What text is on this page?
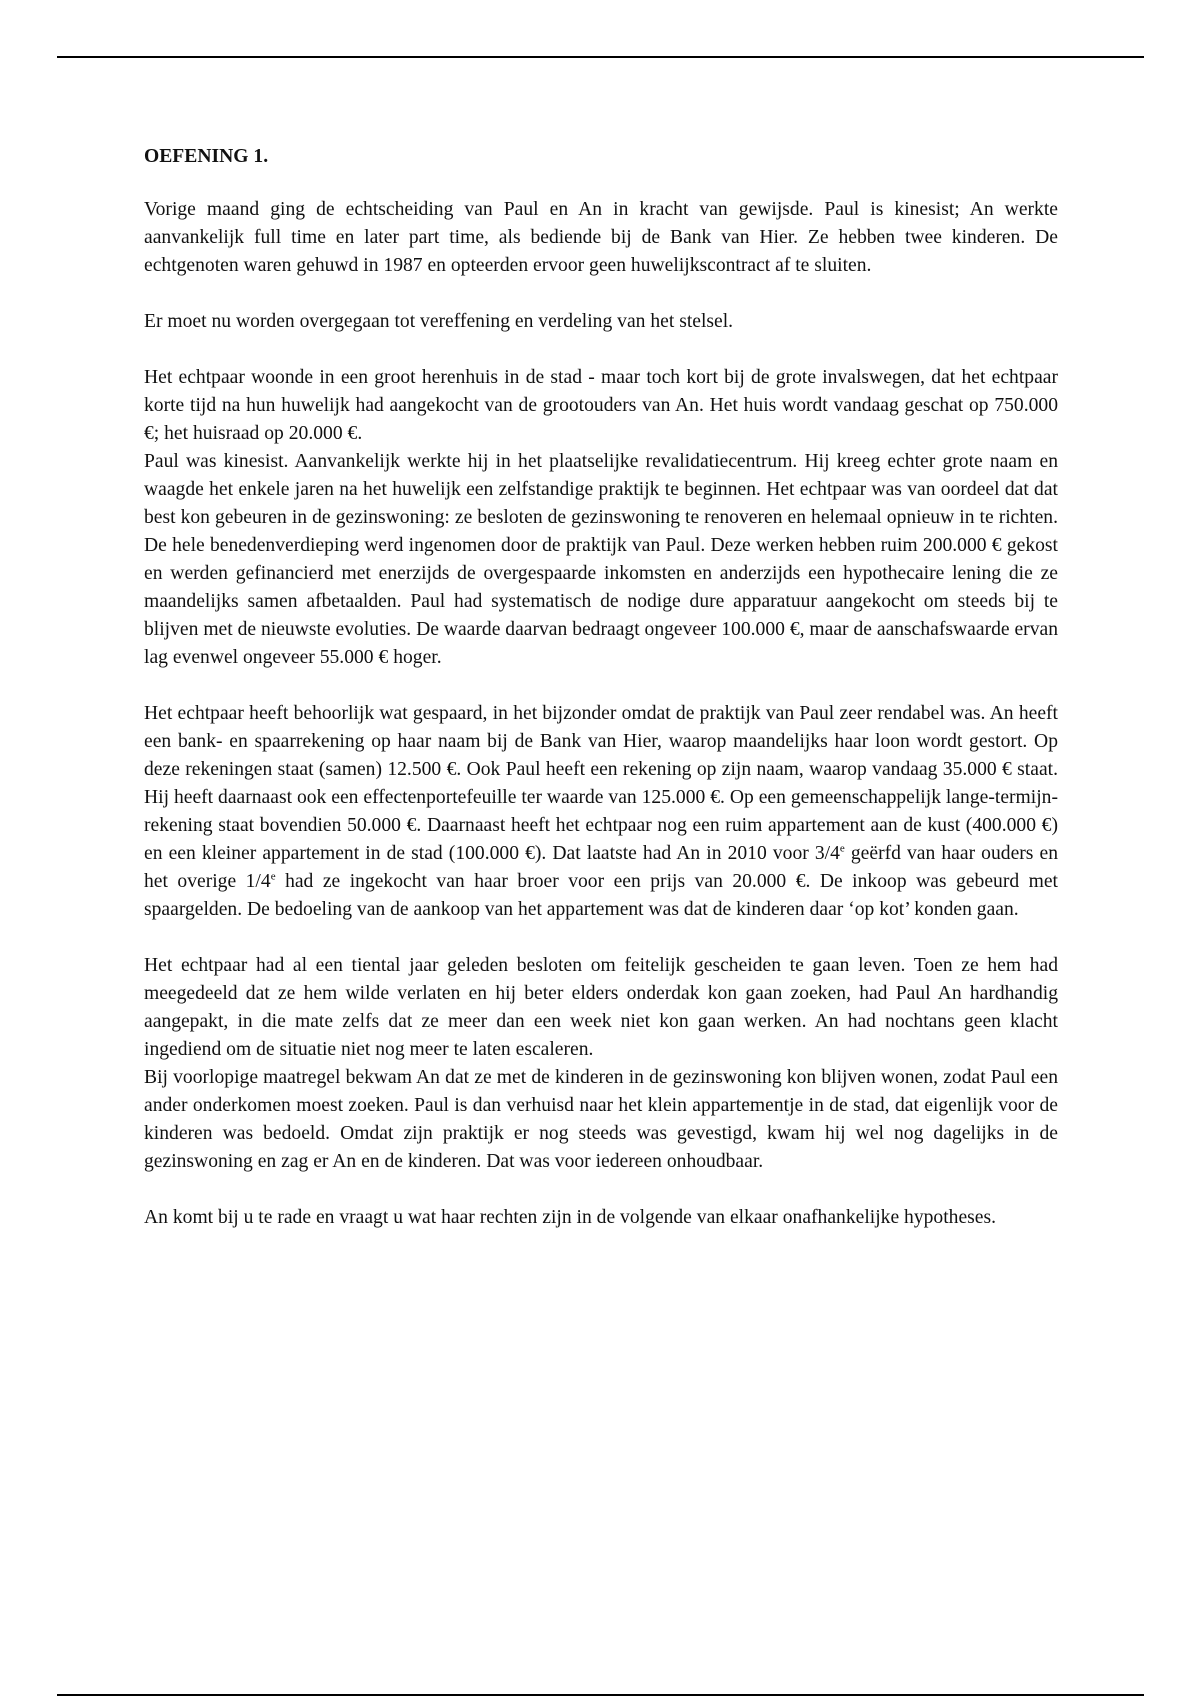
OEFENING 1.

Vorige maand ging de echtscheiding van Paul en An in kracht van gewijsde. Paul is kinesist; An werkte aanvankelijk full time en later part time, als bediende bij de Bank van Hier. Ze hebben twee kinderen. De echtgenoten waren gehuwd in 1987 en opteerden ervoor geen huwelijkscontract af te sluiten.

Er moet nu worden overgegaan tot vereffening en verdeling van het stelsel.

Het echtpaar woonde in een groot herenhuis in de stad - maar toch kort bij de grote invalswegen, dat het echtpaar korte tijd na hun huwelijk had aangekocht van de grootouders van An. Het huis wordt vandaag geschat op 750.000 €; het huisraad op 20.000 €.

Paul was kinesist. Aanvankelijk werkte hij in het plaatselijke revalidatiecentrum. Hij kreeg echter grote naam en waagde het enkele jaren na het huwelijk een zelfstandige praktijk te beginnen. Het echtpaar was van oordeel dat dat best kon gebeuren in de gezinswoning: ze besloten de gezinswoning te renoveren en helemaal opnieuw in te richten. De hele benedenverdieping werd ingenomen door de praktijk van Paul. Deze werken hebben ruim 200.000 € gekost en werden gefinancierd met enerzijds de overgespaarde inkomsten en anderzijds een hypothecaire lening die ze maandelijks samen afbetaalden. Paul had systematisch de nodige dure apparatuur aangekocht om steeds bij te blijven met de nieuwste evoluties. De waarde daarvan bedraagt ongeveer 100.000 €, maar de aanschafswaarde ervan lag evenwel ongeveer 55.000 € hoger.

Het echtpaar heeft behoorlijk wat gespaard, in het bijzonder omdat de praktijk van Paul zeer rendabel was. An heeft een bank- en spaarrekening op haar naam bij de Bank van Hier, waarop maandelijks haar loon wordt gestort. Op deze rekeningen staat (samen) 12.500 €. Ook Paul heeft een rekening op zijn naam, waarop vandaag 35.000 € staat. Hij heeft daarnaast ook een effectenportefeuille ter waarde van 125.000 €. Op een gemeenschappelijk lange-termijn-rekening staat bovendien 50.000 €. Daarnaast heeft het echtpaar nog een ruim appartement aan de kust (400.000 €) en een kleiner appartement in de stad (100.000 €). Dat laatste had An in 2010 voor 3/4e geërfd van haar ouders en het overige 1/4e had ze ingekocht van haar broer voor een prijs van 20.000 €. De inkoop was gebeurd met spaargelden. De bedoeling van de aankoop van het appartement was dat de kinderen daar ‘op kot’ konden gaan.

Het echtpaar had al een tiental jaar geleden besloten om feitelijk gescheiden te gaan leven. Toen ze hem had meegedeeld dat ze hem wilde verlaten en hij beter elders onderdak kon gaan zoeken, had Paul An hardhandig aangepakt, in die mate zelfs dat ze meer dan een week niet kon gaan werken. An had nochtans geen klacht ingediend om de situatie niet nog meer te laten escaleren.

Bij voorlopige maatregel bekwam An dat ze met de kinderen in de gezinswoning kon blijven wonen, zodat Paul een ander onderkomen moest zoeken. Paul is dan verhuisd naar het klein appartementje in de stad, dat eigenlijk voor de kinderen was bedoeld. Omdat zijn praktijk er nog steeds was gevestigd, kwam hij wel nog dagelijks in de gezinswoning en zag er An en de kinderen. Dat was voor iedereen onhoudbaar.

An komt bij u te rade en vraagt u wat haar rechten zijn in de volgende van elkaar onafhankelijke hypotheses.
